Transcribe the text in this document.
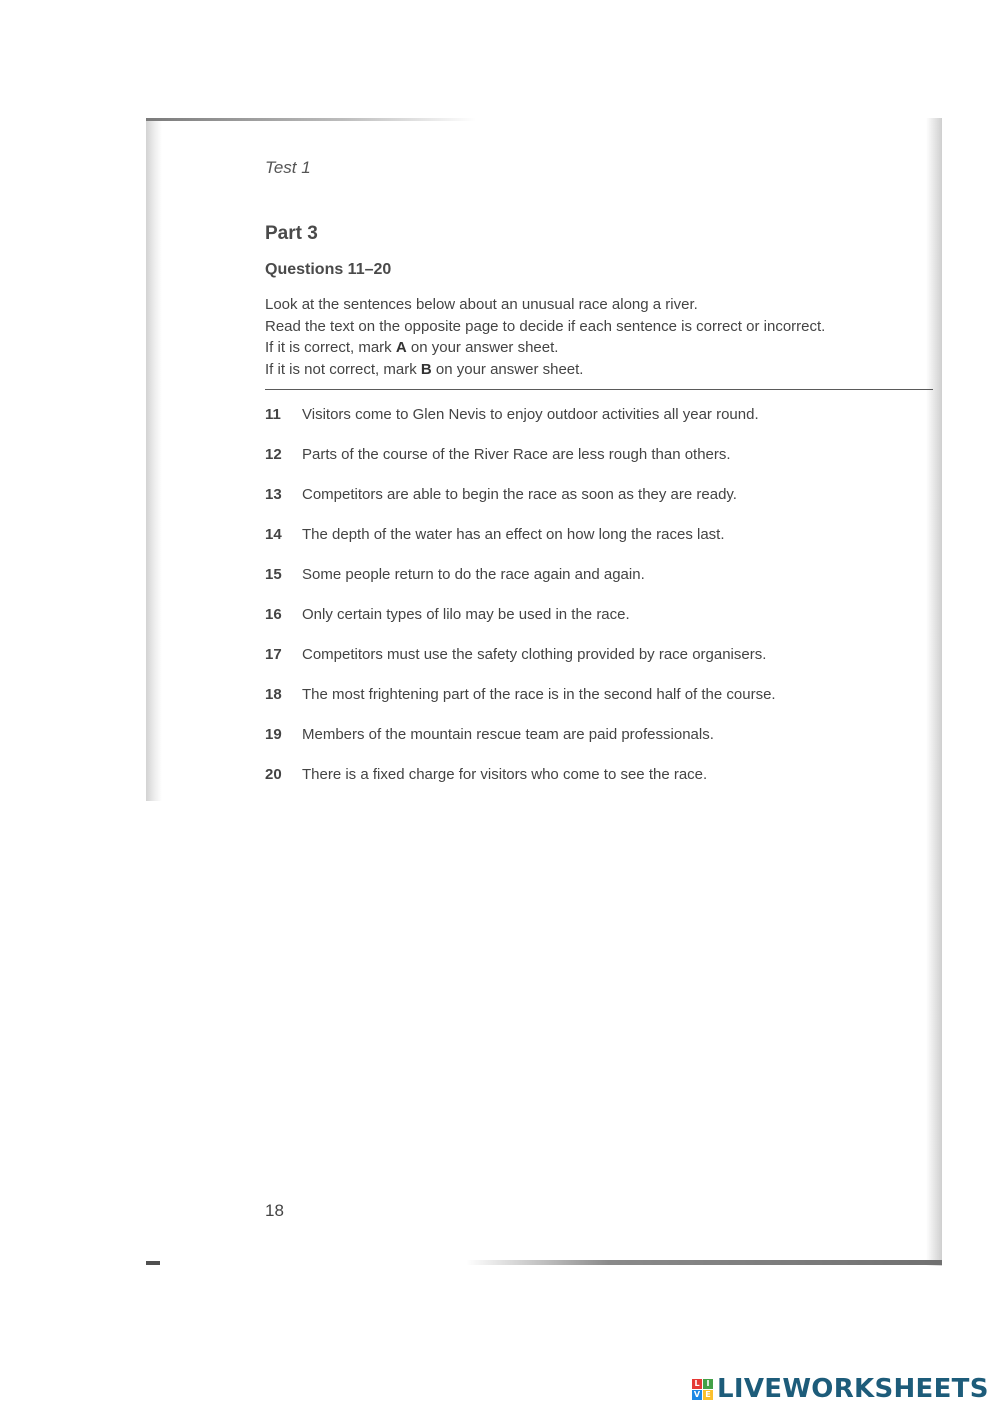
Test 1
Part 3
Questions 11–20
Look at the sentences below about an unusual race along a river.
Read the text on the opposite page to decide if each sentence is correct or incorrect.
If it is correct, mark A on your answer sheet.
If it is not correct, mark B on your answer sheet.
11	Visitors come to Glen Nevis to enjoy outdoor activities all year round.
12	Parts of the course of the River Race are less rough than others.
13	Competitors are able to begin the race as soon as they are ready.
14	The depth of the water has an effect on how long the races last.
15	Some people return to do the race again and again.
16	Only certain types of lilo may be used in the race.
17	Competitors must use the safety clothing provided by race organisers.
18	The most frightening part of the race is in the second half of the course.
19	Members of the mountain rescue team are paid professionals.
20	There is a fixed charge for visitors who come to see the race.
18
L I
V E LIVEWORKSHEETS
